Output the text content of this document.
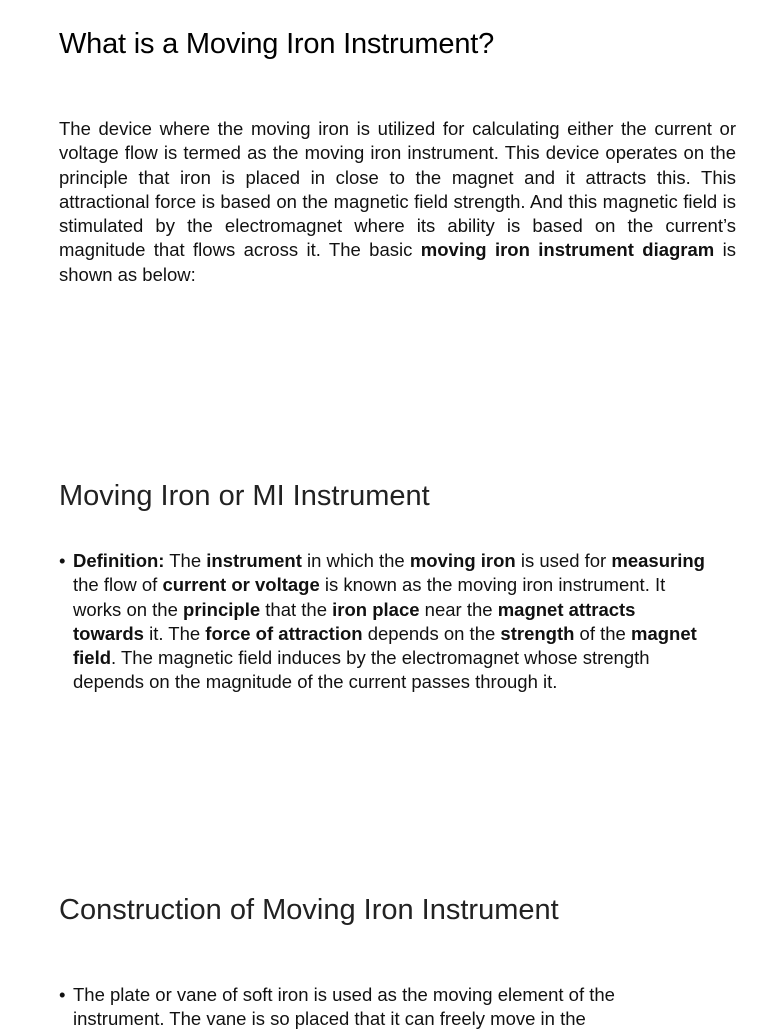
What is a Moving Iron Instrument?

The device where the moving iron is utilized for calculating either the current or voltage flow is termed as the moving iron instrument. This device operates on the principle that iron is placed in close to the magnet and it attracts this. This attractional force is based on the magnetic field strength. And this magnetic field is stimulated by the electromagnet where its ability is based on the current’s magnitude that flows across it. The basic moving iron instrument diagram is shown as below:

Moving Iron or MI Instrument
• Definition: The instrument in which the moving iron is used for measuring the flow of current or voltage is known as the moving iron instrument. It works on the principle that the iron place near the magnet attracts towards it. The force of attraction depends on the strength of the magnet field. The magnetic field induces by the electromagnet whose strength depends on the magnitude of the current passes through it.
Construction of Moving Iron Instrument
• The plate or vane of soft iron is used as the moving element of the instrument. The vane is so placed that it can freely move in the
